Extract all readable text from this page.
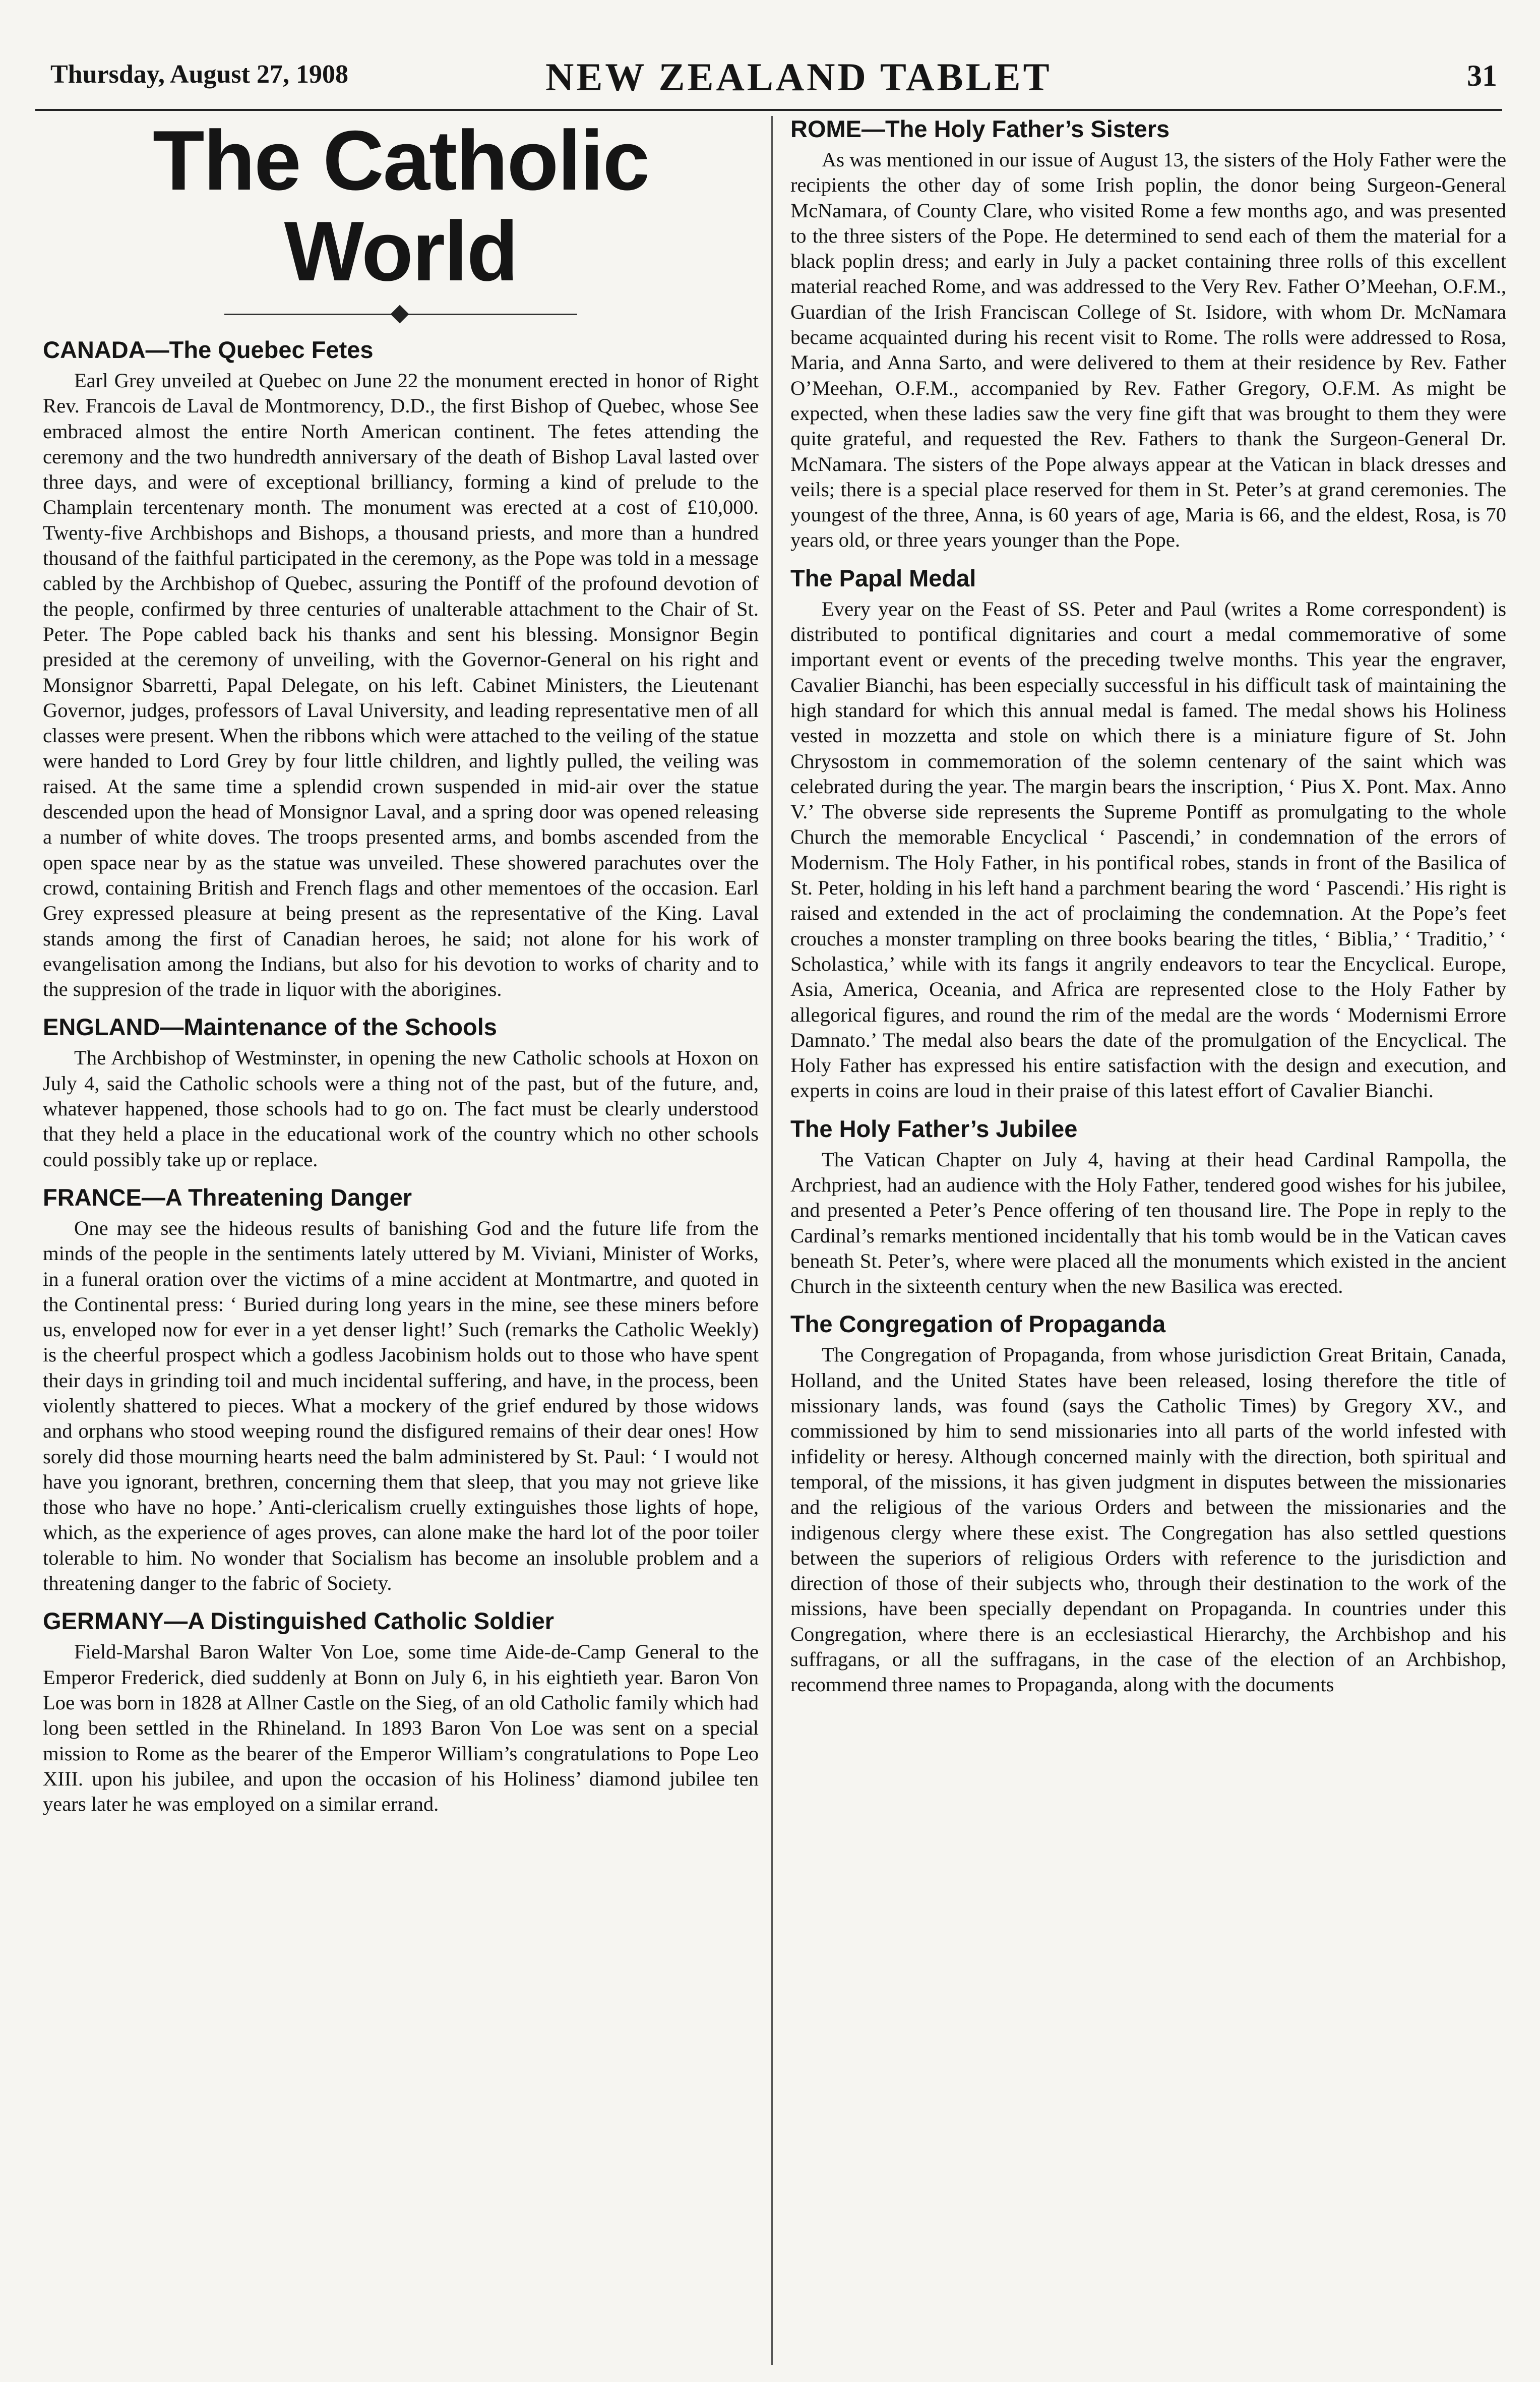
Thursday, August 27, 1908	NEW ZEALAND TABLET	31
The Catholic World
CANADA—The Quebec Fetes

Earl Grey unveiled at Quebec on June 22 the monument erected in honor of Right Rev. Francois de Laval de Montmorency, D.D., the first Bishop of Quebec, whose See embraced almost the entire North American continent. The fetes attending the ceremony and the two hundredth anniversary of the death of Bishop Laval lasted over three days, and were of exceptional brilliancy, forming a kind of prelude to the Champlain tercentenary month. The monument was erected at a cost of £10,000. Twenty-five Archbishops and Bishops, a thousand priests, and more than a hundred thousand of the faithful participated in the ceremony, as the Pope was told in a message cabled by the Archbishop of Quebec, assuring the Pontiff of the profound devotion of the people, confirmed by three centuries of unalterable attachment to the Chair of St. Peter. The Pope cabled back his thanks and sent his blessing. Monsignor Begin presided at the ceremony of unveiling, with the Governor-General on his right and Monsignor Sbarretti, Papal Delegate, on his left. Cabinet Ministers, the Lieutenant Governor, judges, professors of Laval University, and leading representative men of all classes were present. When the ribbons which were attached to the veiling of the statue were handed to Lord Grey by four little children, and lightly pulled, the veiling was raised. At the same time a splendid crown suspended in mid-air over the statue descended upon the head of Monsignor Laval, and a spring door was opened releasing a number of white doves. The troops presented arms, and bombs ascended from the open space near by as the statue was unveiled. These showered parachutes over the crowd, containing British and French flags and other mementoes of the occasion. Earl Grey expressed pleasure at being present as the representative of the King. Laval stands among the first of Canadian heroes, he said; not alone for his work of evangelisation among the Indians, but also for his devotion to works of charity and to the suppresion of the trade in liquor with the aborigines.

ENGLAND—Maintenance of the Schools

The Archbishop of Westminster, in opening the new Catholic schools at Hoxon on July 4, said the Catholic schools were a thing not of the past, but of the future, and, whatever happened, those schools had to go on. The fact must be clearly understood that they held a place in the educational work of the country which no other schools could possibly take up or replace.

FRANCE—A Threatening Danger

One may see the hideous results of banishing God and the future life from the minds of the people in the sentiments lately uttered by M. Viviani, Minister of Works, in a funeral oration over the victims of a mine accident at Montmartre, and quoted in the Continental press: ‘ Buried during long years in the mine, see these miners before us, enveloped now for ever in a yet denser light!’ Such (remarks the Catholic Weekly) is the cheerful prospect which a godless Jacobinism holds out to those who have spent their days in grinding toil and much incidental suffering, and have, in the process, been violently shattered to pieces. What a mockery of the grief endured by those widows and orphans who stood weeping round the disfigured remains of their dear ones! How sorely did those mourning hearts need the balm administered by St. Paul: ‘ I would not have you ignorant, brethren, concerning them that sleep, that you may not grieve like those who have no hope.’ Anti-clericalism cruelly extinguishes those lights of hope, which, as the experience of ages proves, can alone make the hard lot of the poor toiler tolerable to him. No wonder that Socialism has become an insoluble problem and a threatening danger to the fabric of Society.

GERMANY—A Distinguished Catholic Soldier

Field-Marshal Baron Walter Von Loe, some time Aide-de-Camp General to the Emperor Frederick, died suddenly at Bonn on July 6, in his eightieth year. Baron Von Loe was born in 1828 at Allner Castle on the Sieg, of an old Catholic family which had long been settled in the Rhineland. In 1893 Baron Von Loe was sent on a special mission to Rome as the bearer of the Emperor William’s congratulations to Pope Leo XIII. upon his jubilee, and upon the occasion of his Holiness’ diamond jubilee ten years later he was employed on a similar errand.

ROME—The Holy Father’s Sisters

As was mentioned in our issue of August 13, the sisters of the Holy Father were the recipients the other day of some Irish poplin, the donor being Surgeon-General McNamara, of County Clare, who visited Rome a few months ago, and was presented to the three sisters of the Pope. He determined to send each of them the material for a black poplin dress; and early in July a packet containing three rolls of this excellent material reached Rome, and was addressed to the Very Rev. Father O’Meehan, O.F.M., Guardian of the Irish Franciscan College of St. Isidore, with whom Dr. McNamara became acquainted during his recent visit to Rome. The rolls were addressed to Rosa, Maria, and Anna Sarto, and were delivered to them at their residence by Rev. Father O’Meehan, O.F.M., accompanied by Rev. Father Gregory, O.F.M. As might be expected, when these ladies saw the very fine gift that was brought to them they were quite grateful, and requested the Rev. Fathers to thank the Surgeon-General Dr. McNamara. The sisters of the Pope always appear at the Vatican in black dresses and veils; there is a special place reserved for them in St. Peter’s at grand ceremonies. The youngest of the three, Anna, is 60 years of age, Maria is 66, and the eldest, Rosa, is 70 years old, or three years younger than the Pope.

The Papal Medal

Every year on the Feast of SS. Peter and Paul (writes a Rome correspondent) is distributed to pontifical dignitaries and court a medal commemorative of some important event or events of the preceding twelve months. This year the engraver, Cavalier Bianchi, has been especially successful in his difficult task of maintaining the high standard for which this annual medal is famed. The medal shows his Holiness vested in mozzetta and stole on which there is a miniature figure of St. John Chrysostom in commemoration of the solemn centenary of the saint which was celebrated during the year. The margin bears the inscription, ‘ Pius X. Pont. Max. Anno V.’ The obverse side represents the Supreme Pontiff as promulgating to the whole Church the memorable Encyclical ‘ Pascendi,’ in condemnation of the errors of Modernism. The Holy Father, in his pontifical robes, stands in front of the Basilica of St. Peter, holding in his left hand a parchment bearing the word ‘ Pascendi.’ His right is raised and extended in the act of proclaiming the condemnation. At the Pope’s feet crouches a monster trampling on three books bearing the titles, ‘ Biblia,’ ‘ Traditio,’ ‘ Scholastica,’ while with its fangs it angrily endeavors to tear the Encyclical. Europe, Asia, America, Oceania, and Africa are represented close to the Holy Father by allegorical figures, and round the rim of the medal are the words ‘ Modernismi Errore Damnato.’ The medal also bears the date of the promulgation of the Encyclical. The Holy Father has expressed his entire satisfaction with the design and execution, and experts in coins are loud in their praise of this latest effort of Cavalier Bianchi.

The Holy Father’s Jubilee

The Vatican Chapter on July 4, having at their head Cardinal Rampolla, the Archpriest, had an audience with the Holy Father, tendered good wishes for his jubilee, and presented a Peter’s Pence offering of ten thousand lire. The Pope in reply to the Cardinal’s remarks mentioned incidentally that his tomb would be in the Vatican caves beneath St. Peter’s, where were placed all the monuments which existed in the ancient Church in the sixteenth century when the new Basilica was erected.

The Congregation of Propaganda

The Congregation of Propaganda, from whose jurisdiction Great Britain, Canada, Holland, and the United States have been released, losing therefore the title of missionary lands, was found (says the Catholic Times) by Gregory XV., and commissioned by him to send missionaries into all parts of the world infested with infidelity or heresy. Although concerned mainly with the direction, both spiritual and temporal, of the missions, it has given judgment in disputes between the missionaries and the religious of the various Orders and between the missionaries and the indigenous clergy where these exist. The Congregation has also settled questions between the superiors of religious Orders with reference to the jurisdiction and direction of those of their subjects who, through their destination to the work of the missions, have been specially dependant on Propaganda. In countries under this Congregation, where there is an ecclesiastical Hierarchy, the Archbishop and his suffragans, or all the suffragans, in the case of the election of an Archbishop, recommend three names to Propaganda, along with the documents
